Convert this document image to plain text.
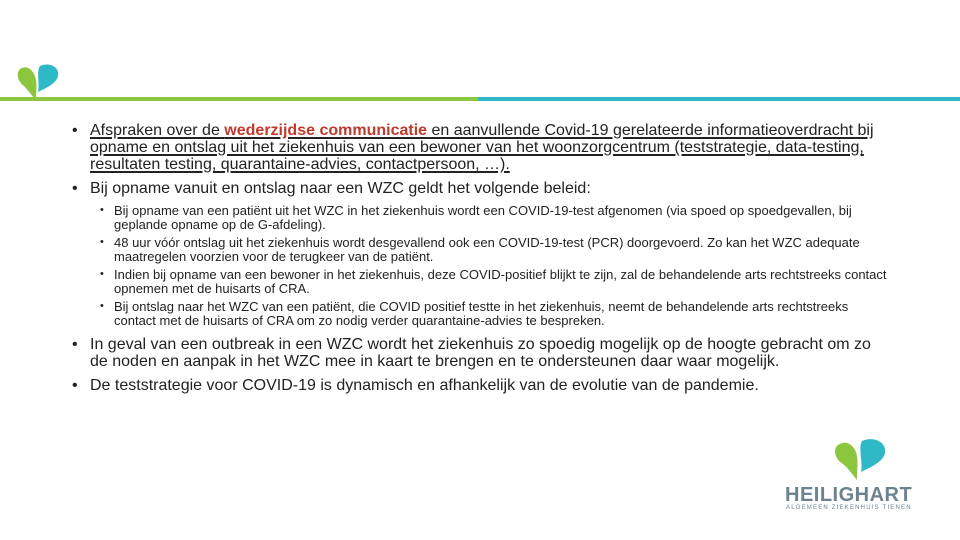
• Afspraken over de wederzijdse communicatie en aanvullende Covid-19 gerelateerde informatieoverdracht bij opname en ontslag uit het ziekenhuis van een bewoner van het woonzorgcentrum (teststrategie, data-testing, resultaten testing, quarantaine-advies, contactpersoon, …).
• Bij opname vanuit en ontslag naar een WZC geldt het volgende beleid:
• Bij opname van een patiënt uit het WZC in het ziekenhuis wordt een COVID-19-test afgenomen (via spoed op spoedgevallen, bij geplande opname op de G-afdeling).
• 48 uur vóór ontslag uit het ziekenhuis wordt desgevallend ook een COVID-19-test (PCR) doorgevoerd. Zo kan het WZC adequate maatregelen voorzien voor de terugkeer van de patiënt.
• Indien bij opname van een bewoner in het ziekenhuis, deze COVID-positief blijkt te zijn, zal de behandelende arts rechtstreeks contact opnemen met de huisarts of CRA.
• Bij ontslag naar het WZC van een patiënt, die COVID positief testte in het ziekenhuis, neemt de behandelende arts rechtstreeks contact met de huisarts of CRA om zo nodig verder quarantaine-advies te bespreken.
• In geval van een outbreak in een WZC wordt het ziekenhuis zo spoedig mogelijk op de hoogte gebracht om zo de noden en aanpak in het WZC mee in kaart te brengen en te ondersteunen daar waar mogelijk.
• De teststrategie voor COVID-19 is dynamisch en afhankelijk van de evolutie van de pandemie.
HEILIGHART
ALGEMEEN ZIEKENHUIS TIENEN
